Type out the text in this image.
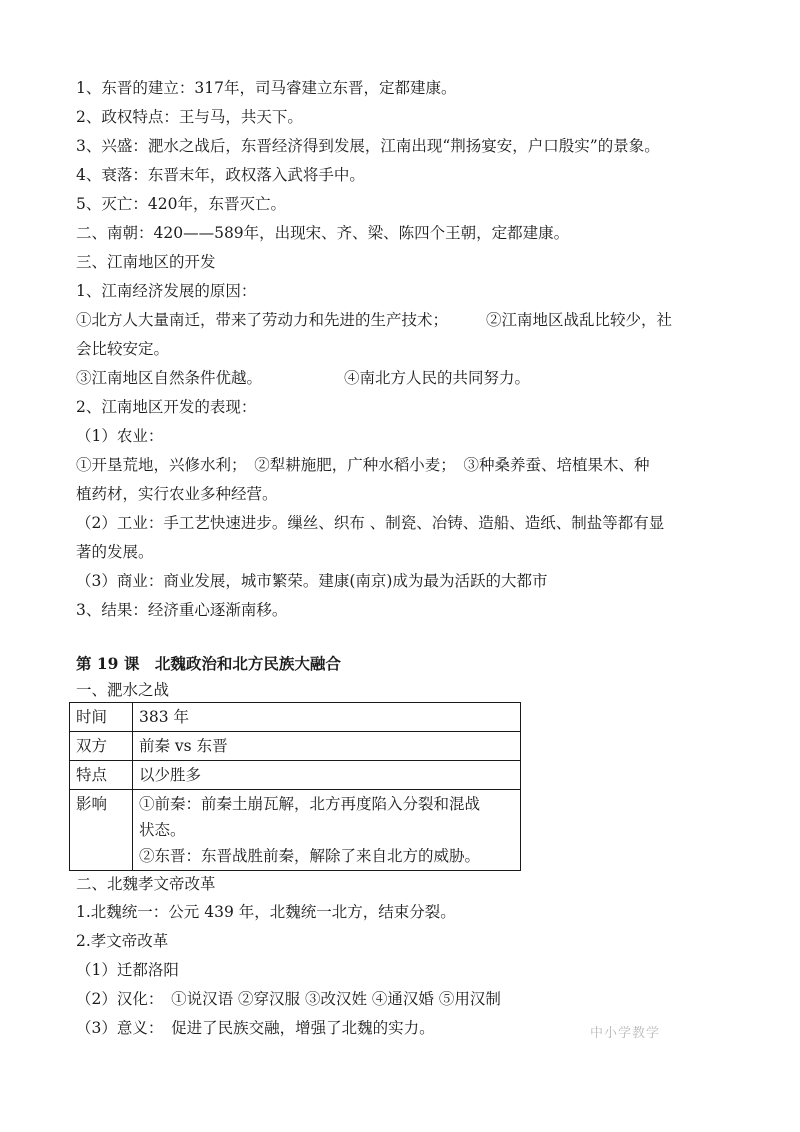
1、东晋的建立：317年，司马睿建立东晋，定都建康。
2、政权特点：王与马，共天下。
3、兴盛：淝水之战后，东晋经济得到发展，江南出现“荆扬宴安，户口殷实”的景象。
4、衰落：东晋末年，政权落入武将手中。
5、灭亡：420年，东晋灭亡。
二、南朝：420——589年，出现宋、齐、梁、陈四个王朝，定都建康。
三、江南地区的开发
1、江南经济发展的原因：
①北方人大量南迁，带来了劳动力和先进的生产技术； ②江南地区战乱比较少，社
会比较安定。
③江南地区自然条件优越。	④南北方人民的共同努力。
2、江南地区开发的表现：
（1）农业：
①开垦荒地，兴修水利；　②犁耕施肥，广种水稻小麦；　③种桑养蚕、培植果木、种
植药材，实行农业多种经营。
（2）工业：手工艺快速进步。缫丝、织布 、制瓷、冶铸、造船、造纸、制盐等都有显
著的发展。
（3）商业：商业发展，城市繁荣。建康(南京)成为最为活跃的大都市
3、结果：经济重心逐渐南移。
第 19 课　北魏政治和北方民族大融合
一、淝水之战
时间	383 年
双方	前秦 vs 东晋
特点	以少胜多
影响	①前秦：前秦土崩瓦解，北方再度陷入分裂和混战
状态。
②东晋：东晋战胜前秦，解除了来自北方的威胁。
二、北魏孝文帝改革
1.北魏统一：公元 439 年，北魏统一北方，结束分裂。
2.孝文帝改革
（1）迁都洛阳
（2）汉化：　①说汉语 ②穿汉服 ③改汉姓 ④通汉婚 ⑤用汉制
（3）意义：　促进了民族交融，增强了北魏的实力。	中小学教学
